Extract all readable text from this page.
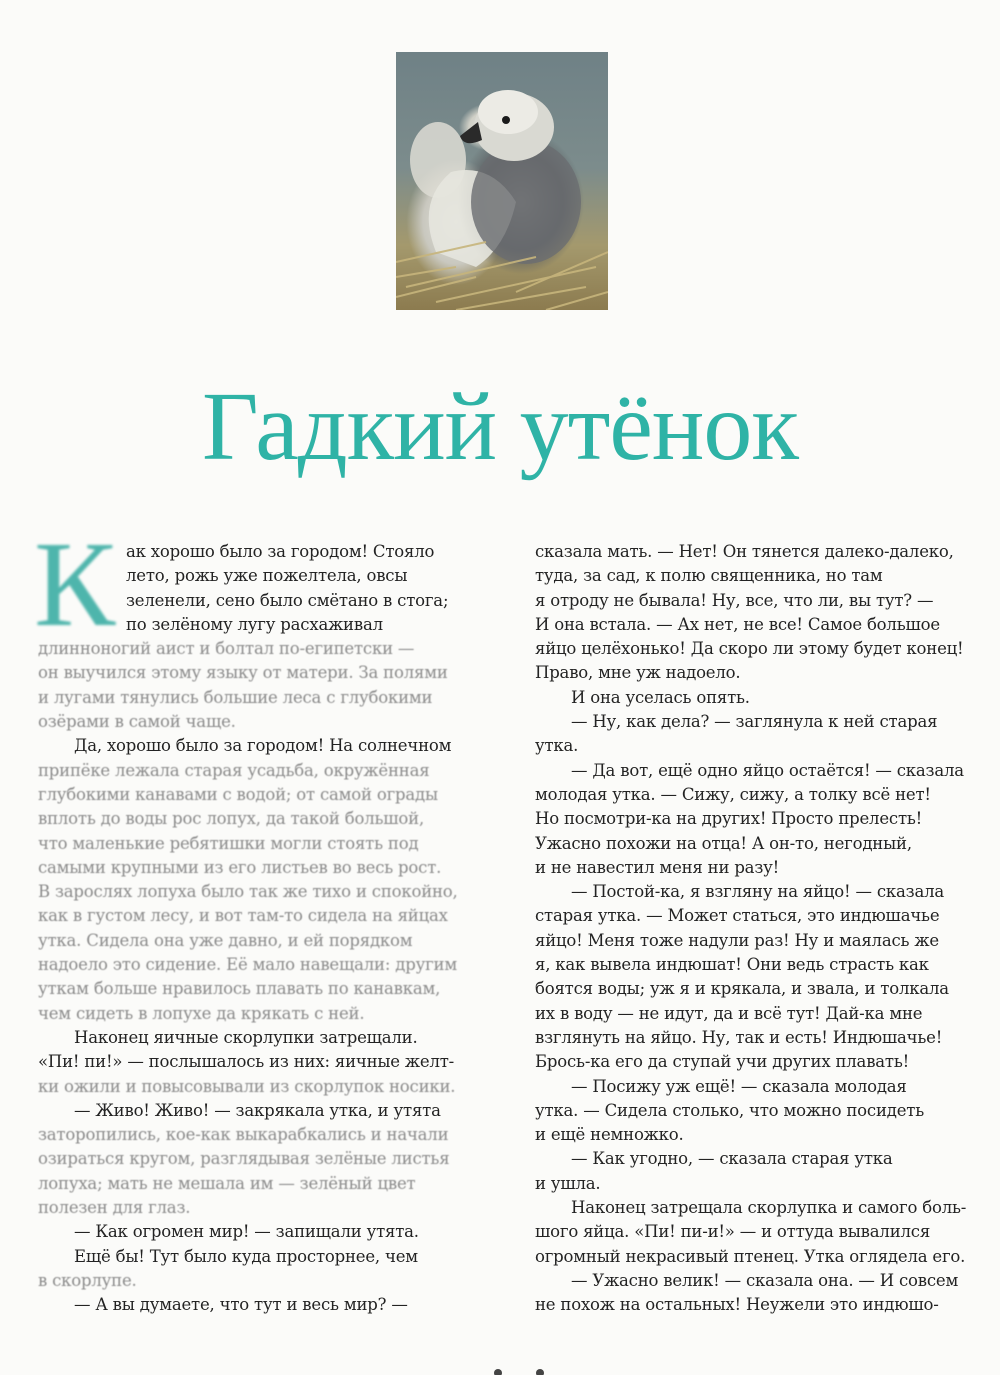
Гадкий утёнок
К ак хорошо было за городом! Стояло
лето, рожь уже пожелтела, овсы
зеленели, сено было смётано в стога;
по зелёному лугу расхаживал
длинноногий аист и болтал по-египетски —
он выучился этому языку от матери. За полями
и лугами тянулись большие леса с глубокими
озёрами в самой чаще.
Да, хорошо было за городом! На солнечном
припёке лежала старая усадьба, окружённая
глубокими канавами с водой; от самой ограды
вплоть до воды рос лопух, да такой большой,
что маленькие ребятишки могли стоять под
самыми крупными из его листьев во весь рост.
В зарослях лопуха было так же тихо и спокойно,
как в густом лесу, и вот там-то сидела на яйцах
утка. Сидела она уже давно, и ей порядком
надоело это сидение. Её мало навещали: другим
уткам больше нравилось плавать по канавкам,
чем сидеть в лопухе да крякать с ней.
Наконец яичные скорлупки затрещали.
«Пи! пи!» — послышалось из них: яичные желт-
ки ожили и повысовывали из скорлупок носики.
— Живо! Живо! — закрякала утка, и утята
заторопились, кое-как выкарабкались и начали
озираться кругом, разглядывая зелёные листья
лопуха; мать не мешала им — зелёный цвет
полезен для глаз.
— Как огромен мир! — запищали утята.
Ещё бы! Тут было куда просторнее, чем
в скорлупе.
— А вы думаете, что тут и весь мир? —
сказала мать. — Нет! Он тянется далеко-далеко,
туда, за сад, к полю священника, но там
я отроду не бывала! Ну, все, что ли, вы тут? —
И она встала. — Ах нет, не все! Самое большое
яйцо целёхонько! Да скоро ли этому будет конец!
Право, мне уж надоело.
И она уселась опять.
— Ну, как дела? — заглянула к ней старая
утка.
— Да вот, ещё одно яйцо остаётся! — сказала
молодая утка. — Сижу, сижу, а толку всё нет!
Но посмотри-ка на других! Просто прелесть!
Ужасно похожи на отца! А он-то, негодный,
и не навестил меня ни разу!
— Постой-ка, я взгляну на яйцо! — сказала
старая утка. — Может статься, это индюшачье
яйцо! Меня тоже надули раз! Ну и маялась же
я, как вывела индюшат! Они ведь страсть как
боятся воды; уж я и крякала, и звала, и толкала
их в воду — не идут, да и всё тут! Дай-ка мне
взглянуть на яйцо. Ну, так и есть! Индюшачье!
Брось-ка его да ступай учи других плавать!
— Посижу уж ещё! — сказала молодая
утка. — Сидела столько, что можно посидеть
и ещё немножко.
— Как угодно, — сказала старая утка
и ушла.
Наконец затрещала скорлупка и самого боль-
шого яйца. «Пи! пи-и!» — и оттуда вывалился
огромный некрасивый птенец. Утка оглядела его.
— Ужасно велик! — сказала она. — И совсем
не похож на остальных! Неужели это индюшо-
